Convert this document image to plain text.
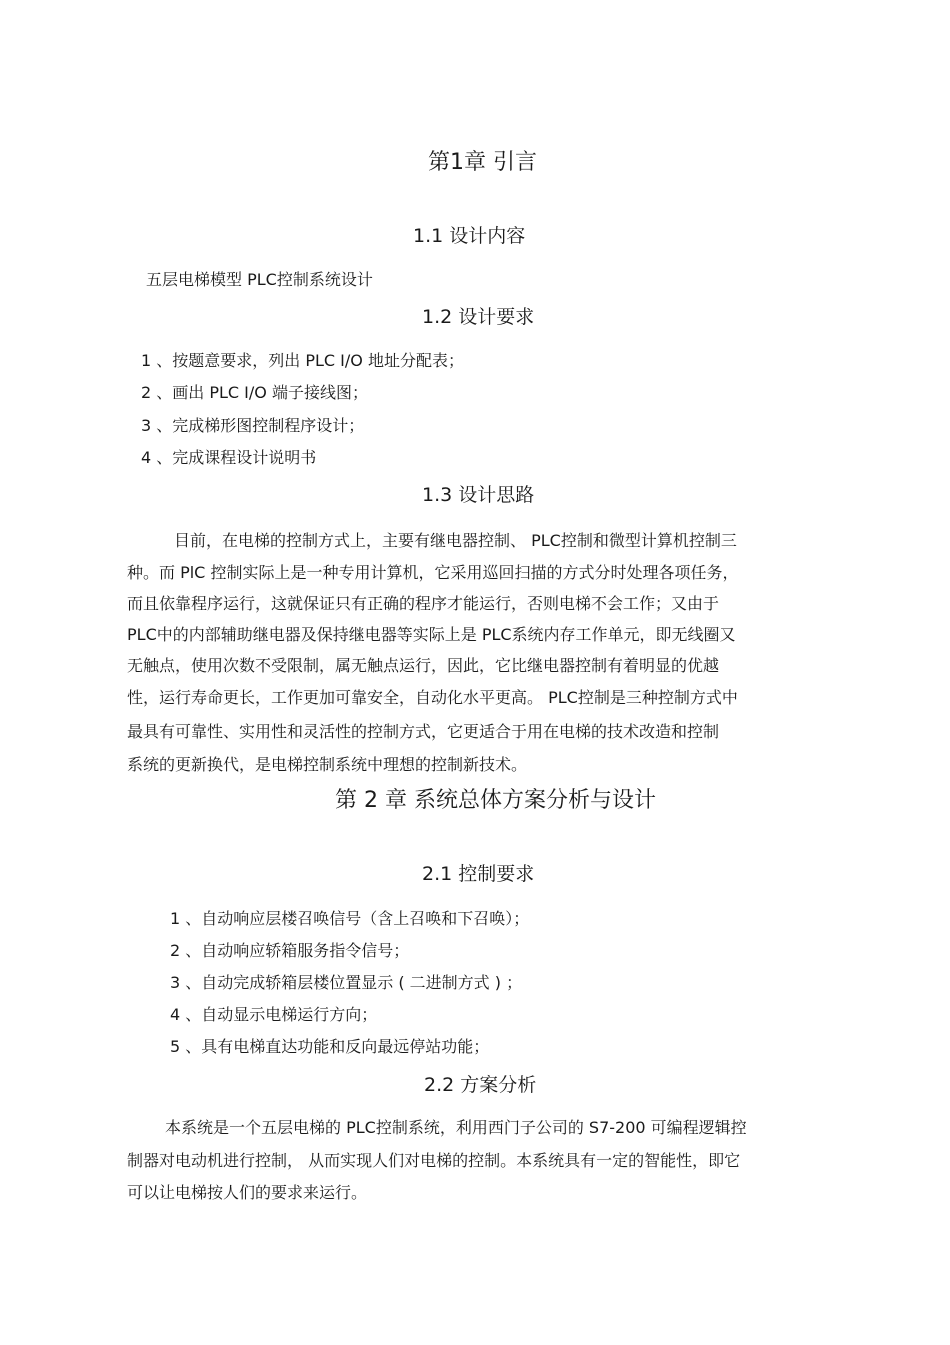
第1章 引言
1.1 设计内容
五层电梯模型 PLC控制系统设计
1.2 设计要求
1 、按题意要求，列出 PLC I/O 地址分配表；
2 、画出 PLC I/O 端子接线图；
3 、完成梯形图控制程序设计；
4 、完成课程设计说明书
1.3 设计思路
目前，在电梯的控制方式上，主要有继电器控制、 PLC控制和微型计算机控制三
种。而 PlC 控制实际上是一种专用计算机，它采用巡回扫描的方式分时处理各项任务，
而且依靠程序运行，这就保证只有正确的程序才能运行，否则电梯不会工作；又由于
PLC中的内部辅助继电器及保持继电器等实际上是 PLC系统内存工作单元，即无线圈又
无触点，使用次数不受限制，属无触点运行，因此，它比继电器控制有着明显的优越
性，运行寿命更长，工作更加可靠安全，自动化水平更高。 PLC控制是三种控制方式中
最具有可靠性、实用性和灵活性的控制方式，它更适合于用在电梯的技术改造和控制
系统的更新换代，是电梯控制系统中理想的控制新技术。
第 2 章 系统总体方案分析与设计
2.1 控制要求
1 、自动响应层楼召唤信号（含上召唤和下召唤）；
2 、自动响应轿箱服务指令信号；
3 、自动完成轿箱层楼位置显示 ( 二进制方式 ) ；
4 、自动显示电梯运行方向；
5 、具有电梯直达功能和反向最远停站功能；
2.2 方案分析
本系统是一个五层电梯的 PLC控制系统，利用西门子公司的 S7-200 可编程逻辑控
制器对电动机进行控制， 从而实现人们对电梯的控制。本系统具有一定的智能性，即它
可以让电梯按人们的要求来运行。
